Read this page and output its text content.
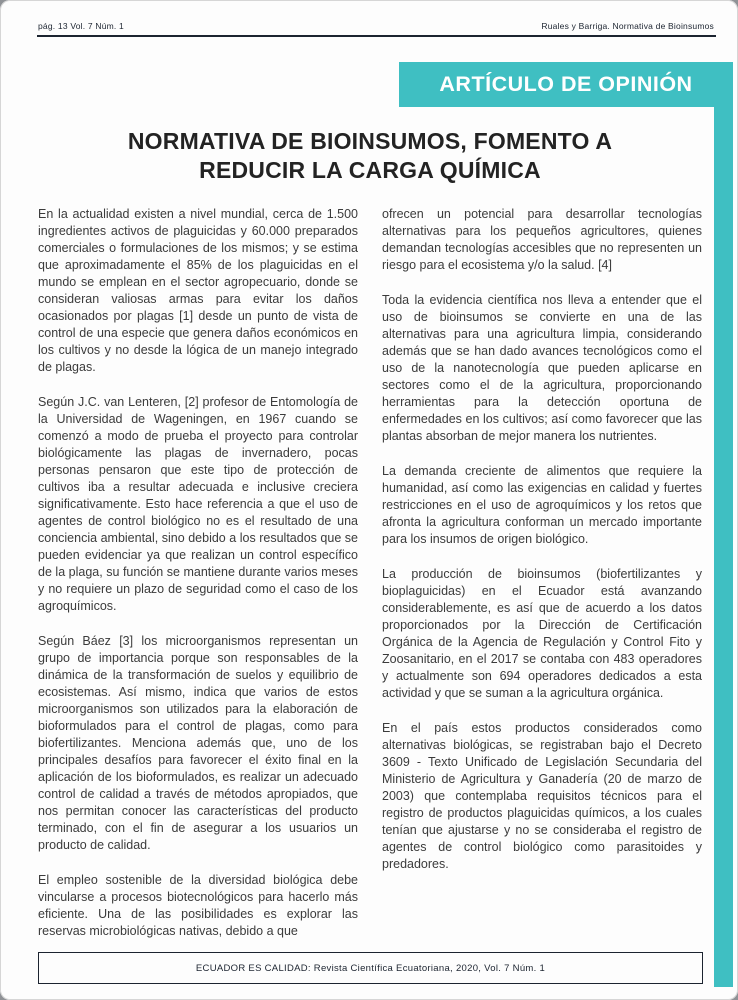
pág. 13 Vol. 7 Núm. 1	Ruales y Barriga. Normativa de Bioinsumos
ARTÍCULO DE OPINIÓN
NORMATIVA DE BIOINSUMOS, FOMENTO A REDUCIR LA CARGA QUÍMICA

En la actualidad existen a nivel mundial, cerca de 1.500 ingredientes activos de plaguicidas y 60.000 preparados comerciales o formulaciones de los mismos; y se estima que aproximadamente el 85% de los plaguicidas en el mundo se emplean en el sector agropecuario, donde se consideran valiosas armas para evitar los daños ocasionados por plagas [1] desde un punto de vista de control de una especie que genera daños económicos en los cultivos y no desde la lógica de un manejo integrado de plagas.

Según J.C. van Lenteren, [2] profesor de Entomología de la Universidad de Wageningen, en 1967 cuando se comenzó a modo de prueba el proyecto para controlar biológicamente las plagas de invernadero, pocas personas pensaron que este tipo de protección de cultivos iba a resultar adecuada e inclusive creciera significativamente. Esto hace referencia a que el uso de agentes de control biológico no es el resultado de una conciencia ambiental, sino debido a los resultados que se pueden evidenciar ya que realizan un control específico de la plaga, su función se mantiene durante varios meses y no requiere un plazo de seguridad como el caso de los agroquímicos.

Según Báez [3] los microorganismos representan un grupo de importancia porque son responsables de la dinámica de la transformación de suelos y equilibrio de ecosistemas. Así mismo, indica que varios de estos microorganismos son utilizados para la elaboración de bioformulados para el control de plagas, como para biofertilizantes. Menciona además que, uno de los principales desafíos para favorecer el éxito final en la aplicación de los bioformulados, es realizar un adecuado control de calidad a través de métodos apropiados, que nos permitan conocer las características del producto terminado, con el fin de asegurar a los usuarios un producto de calidad.

El empleo sostenible de la diversidad biológica debe vincularse a procesos biotecnológicos para hacerlo más eficiente. Una de las posibilidades es explorar las reservas microbiológicas nativas, debido a que

ofrecen un potencial para desarrollar tecnologías alternativas para los pequeños agricultores, quienes demandan tecnologías accesibles que no representen un riesgo para el ecosistema y/o la salud. [4]

Toda la evidencia científica nos lleva a entender que el uso de bioinsumos se convierte en una de las alternativas para una agricultura limpia, considerando además que se han dado avances tecnológicos como el uso de la nanotecnología que pueden aplicarse en sectores como el de la agricultura, proporcionando herramientas para la detección oportuna de enfermedades en los cultivos; así como favorecer que las plantas absorban de mejor manera los nutrientes.

La demanda creciente de alimentos que requiere la humanidad, así como las exigencias en calidad y fuertes restricciones en el uso de agroquímicos y los retos que afronta la agricultura conforman un mercado importante para los insumos de origen biológico.

La producción de bioinsumos (biofertilizantes y bioplaguicidas) en el Ecuador está avanzando considerablemente, es así que de acuerdo a los datos proporcionados por la Dirección de Certificación Orgánica de la Agencia de Regulación y Control Fito y Zoosanitario, en el 2017 se contaba con 483 operadores y actualmente son 694 operadores dedicados a esta actividad y que se suman a la agricultura orgánica.

En el país estos productos considerados como alternativas biológicas, se registraban bajo el Decreto 3609 - Texto Unificado de Legislación Secundaria del Ministerio de Agricultura y Ganadería (20 de marzo de 2003) que contemplaba requisitos técnicos para el registro de productos plaguicidas químicos, a los cuales tenían que ajustarse y no se consideraba el registro de agentes de control biológico como parasitoides y predadores.

ECUADOR ES CALIDAD: Revista Científica Ecuatoriana, 2020, Vol. 7 Núm. 1
